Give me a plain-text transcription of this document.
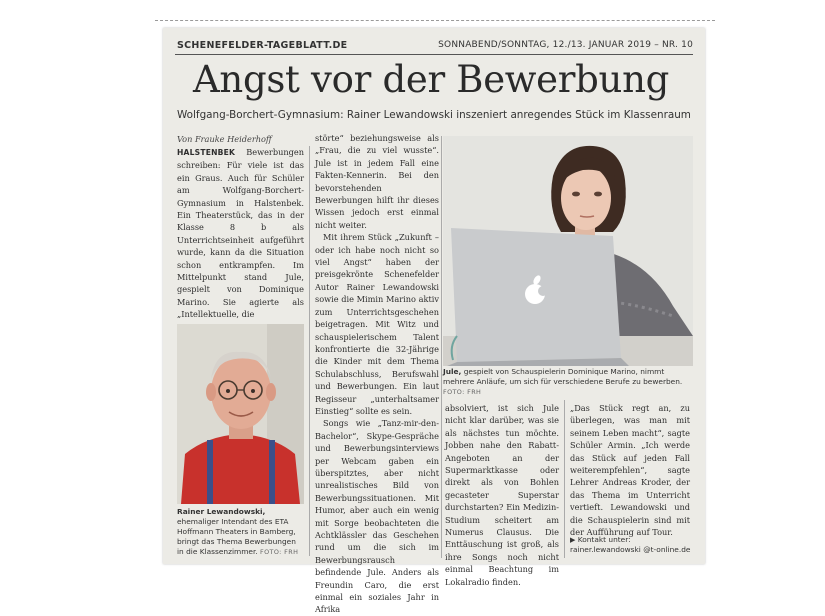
SCHENEFELDER-TAGEBLATT.DE	SONNABEND/SONNTAG, 12./13. JANUAR 2019 – NR. 10
Angst vor der Bewerbung
Wolfgang-Borchert-Gymnasium: Rainer Lewandowski inszeniert anregendes Stück im Klassenraum
Von Frauke Heiderhoff

HALSTENBEK Bewerbungen schreiben: Für viele ist das ein Graus. Auch für Schüler am Wolfgang-Borchert-Gymnasium in Halstenbek. Ein Theaterstück, das in der Klasse 8 b als Unterrichtseinheit aufgeführt wurde, kann da die Situation schon entkrampfen. Im Mittelpunkt stand Jule, gespielt von Dominique Marino. Sie agierte als „Intellektuelle, die

Rainer Lewandowski, ehemaliger Intendant des ETA Hoffmann Theaters in Bamberg, bringt das Thema Bewerbungen in die Klassenzimmer. FOTO: FRH

störte“ beziehungsweise als „Frau, die zu viel wusste“. Jule ist in jedem Fall eine Fakten-Kennerin. Bei den bevorstehenden Bewerbungen hilft ihr dieses Wissen jedoch erst einmal nicht weiter.

Mit ihrem Stück „Zukunft – oder ich habe noch nicht so viel Angst“ haben der preisgekrönte Schenefelder Autor Rainer Lewandowski sowie die Mimin Marino aktiv zum Unterrichtsgeschehen beigetragen. Mit Witz und schauspielerischem Talent konfrontierte die 32-Jährige die Kinder mit dem Thema Schulabschluss, Berufswahl und Bewerbungen. Ein laut Regisseur „unterhaltsamer Einstieg“ sollte es sein.

Songs wie „Tanz-mir-den-Bachelor“, Skype-Gespräche und Bewerbungsinterviews per Webcam gaben ein überspitztes, aber nicht unrealistisches Bild von Bewerbungssituationen. Mit Humor, aber auch ein wenig mit Sorge beobachteten die Achtklässler das Geschehen rund um die sich im Bewerbungsrausch befindende Jule. Anders als Freundin Caro, die erst einmal ein soziales Jahr in Afrika

Jule, gespielt von Schauspielerin Dominique Marino, nimmt mehrere Anläufe, um sich für verschiedene Berufe zu bewerben. FOTO: FRH

absolviert, ist sich Jule nicht klar darüber, was sie als nächstes tun möchte. Jobben nahe den Rabatt-Angeboten an der Supermarktkasse oder direkt als von Bohlen gecasteter Superstar durchstarten? Ein Medizin-Studium scheitert am Numerus Clausus. Die Enttäuschung ist groß, als ihre Songs noch nicht einmal Beachtung im Lokalradio finden.

„Das Stück regt an, zu überlegen, was man mit seinem Leben macht“, sagte Schüler Armin. „Ich werde das Stück auf jeden Fall weiterempfehlen“, sagte Lehrer Andreas Kroder, der das Thema im Unterricht vertieft. Lewandowski und die Schauspielerin sind mit der Aufführung auf Tour.

▶ Kontakt unter: rainer.lewandowski @t-online.de
